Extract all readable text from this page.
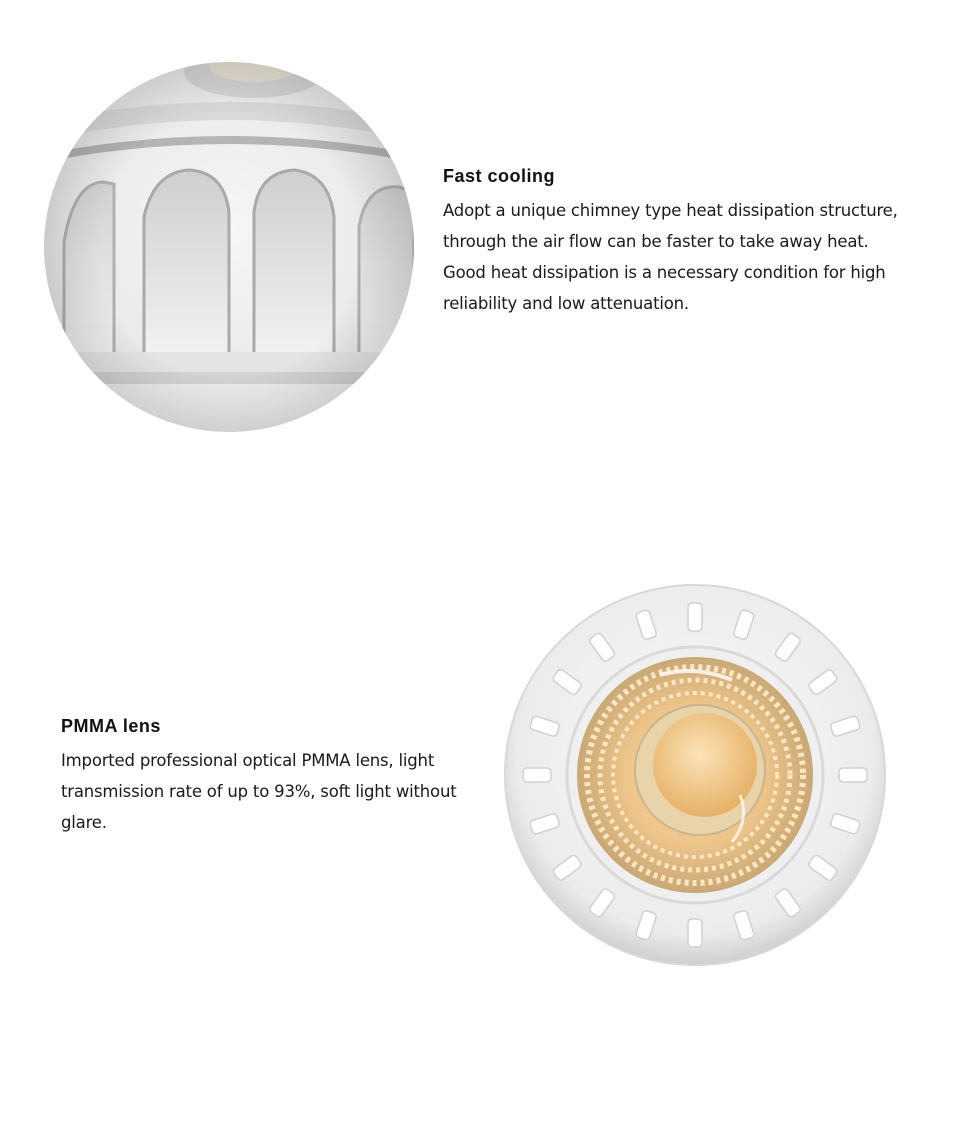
Fast cooling

Adopt a unique chimney type heat dissipation structure,
through the air flow can be faster to take away heat.
Good heat dissipation is a necessary condition for high
reliability and low attenuation.

PMMA lens

Imported professional optical PMMA lens, light
transmission rate of up to 93%, soft light without
glare.
